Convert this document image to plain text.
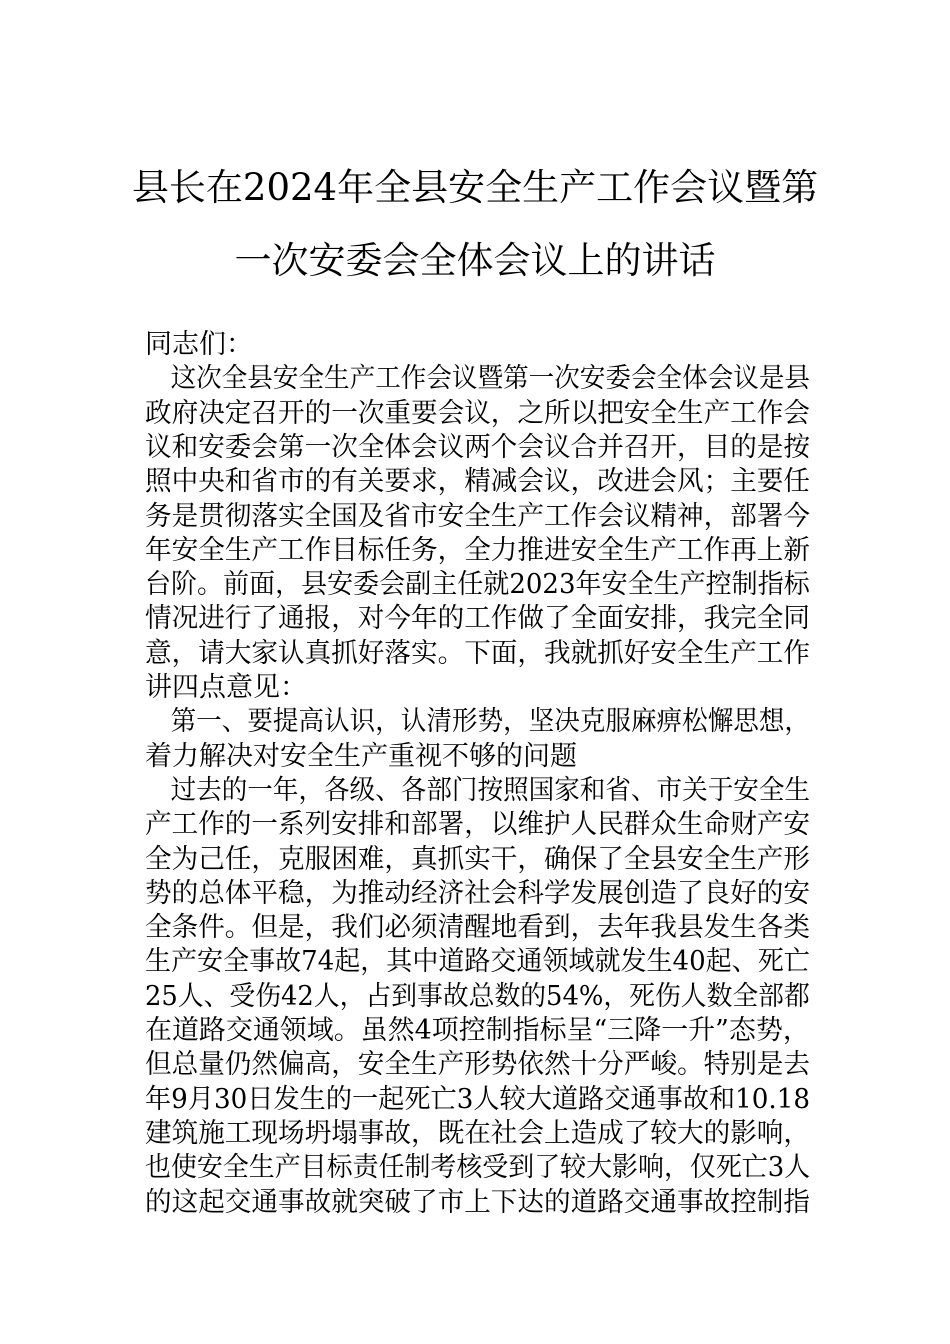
县长在2024年全县安全生产工作会议暨第
一次安委会全体会议上的讲话
同志们：
　这次全县安全生产工作会议暨第一次安委会全体会议是县
政府决定召开的一次重要会议，之所以把安全生产工作会
议和安委会第一次全体会议两个会议合并召开，目的是按
照中央和省市的有关要求，精减会议，改进会风；主要任
务是贯彻落实全国及省市安全生产工作会议精神，部署今
年安全生产工作目标任务，全力推进安全生产工作再上新
台阶。前面，县安委会副主任就2023年安全生产控制指标
情况进行了通报，对今年的工作做了全面安排，我完全同
意，请大家认真抓好落实。下面，我就抓好安全生产工作
讲四点意见：
　第一、要提高认识，认清形势，坚决克服麻痹松懈思想，
着力解决对安全生产重视不够的问题
　过去的一年，各级、各部门按照国家和省、市关于安全生
产工作的一系列安排和部署，以维护人民群众生命财产安
全为己任，克服困难，真抓实干，确保了全县安全生产形
势的总体平稳，为推动经济社会科学发展创造了良好的安
全条件。但是，我们必须清醒地看到，去年我县发生各类
生产安全事故74起，其中道路交通领域就发生40起、死亡
25人、受伤42人，占到事故总数的54%，死伤人数全部都
在道路交通领域。虽然4项控制指标呈“三降一升”态势，
但总量仍然偏高，安全生产形势依然十分严峻。特别是去
年9月30日发生的一起死亡3人较大道路交通事故和10.18
建筑施工现场坍塌事故，既在社会上造成了较大的影响，
也使安全生产目标责任制考核受到了较大影响，仅死亡3人
的这起交通事故就突破了市上下达的道路交通事故控制指
